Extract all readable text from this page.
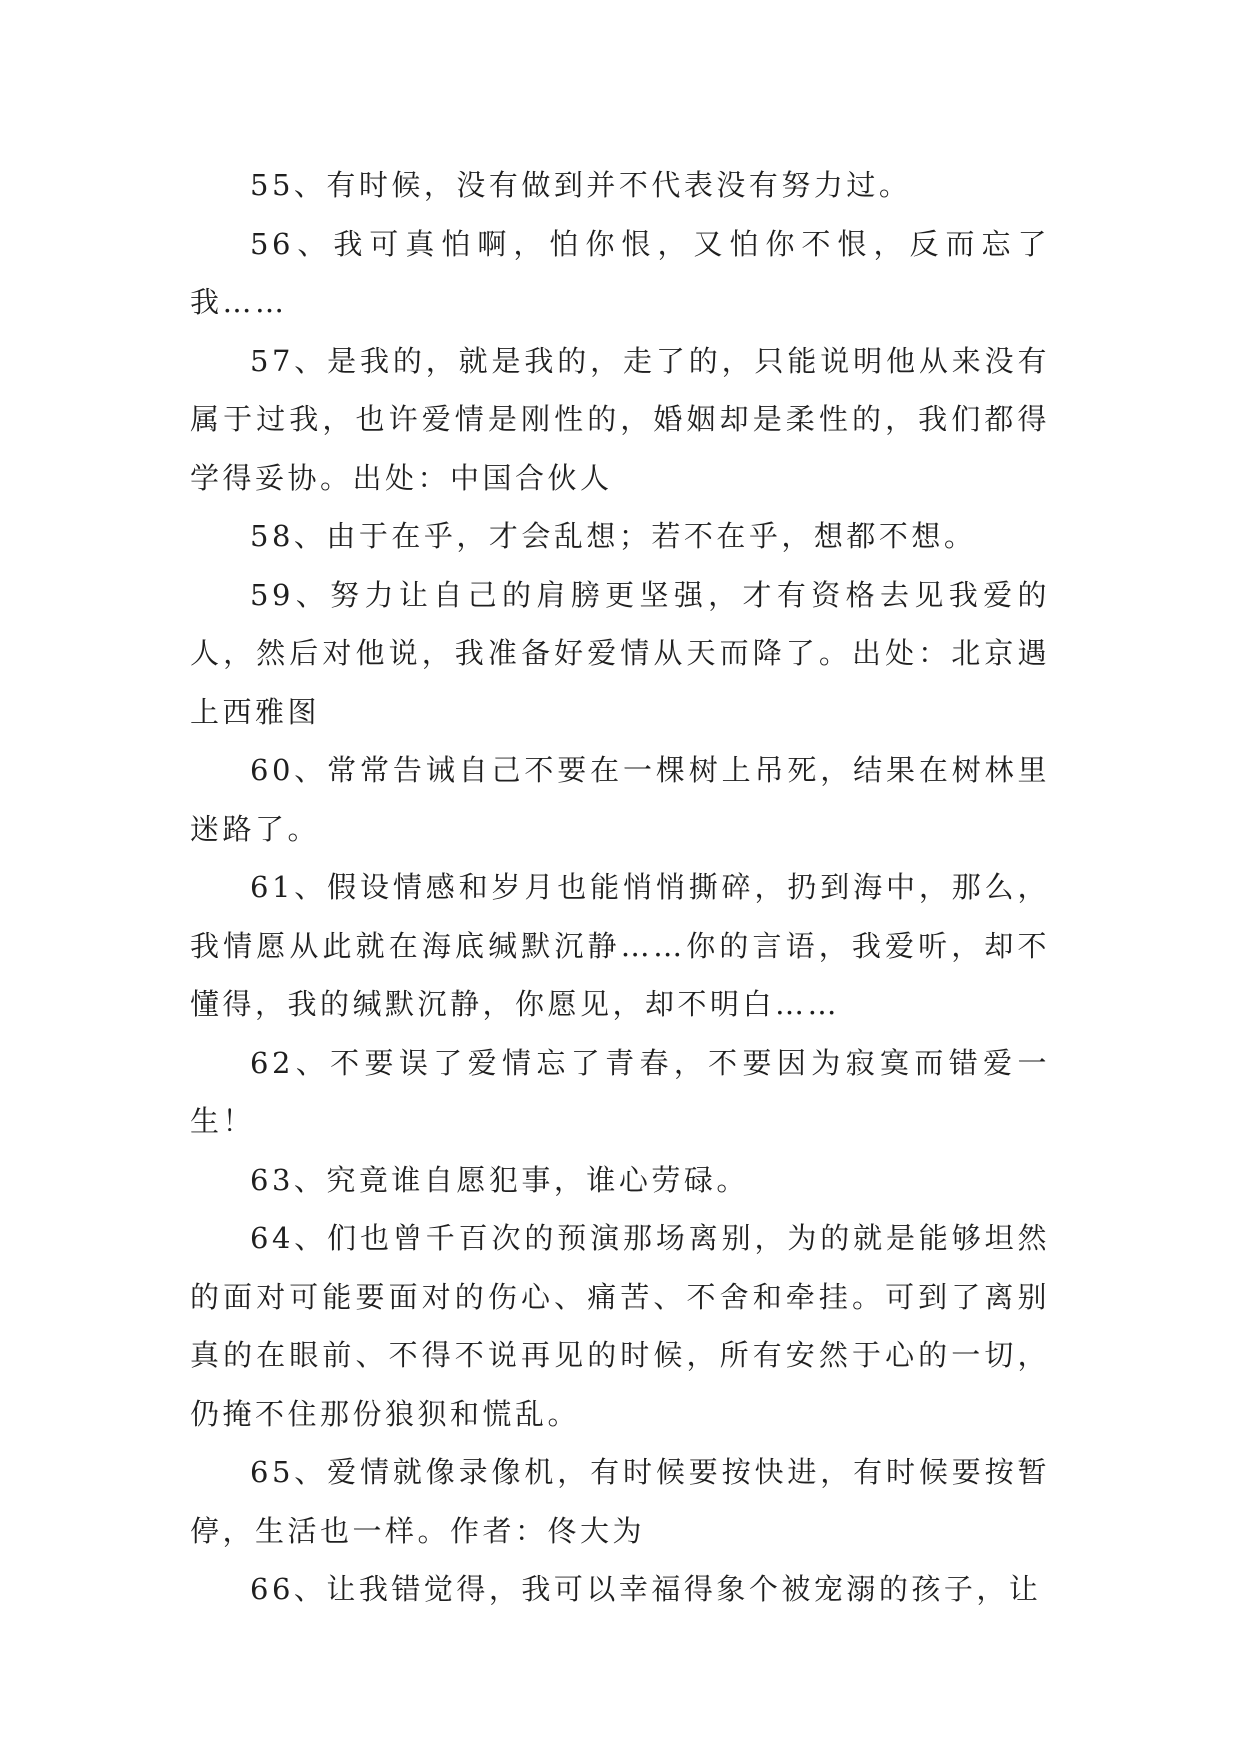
55、有时候，没有做到并不代表没有努力过。

56、我可真怕啊，怕你恨，又怕你不恨，反而忘了我……

57、是我的，就是我的，走了的，只能说明他从来没有属于过我，也许爱情是刚性的，婚姻却是柔性的，我们都得学得妥协。出处：中国合伙人

58、由于在乎，才会乱想；若不在乎，想都不想。

59、努力让自己的肩膀更坚强，才有资格去见我爱的人，然后对他说，我准备好爱情从天而降了。出处：北京遇上西雅图

60、常常告诫自己不要在一棵树上吊死，结果在树林里迷路了。

61、假设情感和岁月也能悄悄撕碎，扔到海中，那么，我情愿从此就在海底缄默沉静……你的言语，我爱听，却不懂得，我的缄默沉静，你愿见，却不明白……

62、不要误了爱情忘了青春，不要因为寂寞而错爱一生！

63、究竟谁自愿犯事，谁心劳碌。

64、们也曾千百次的预演那场离别，为的就是能够坦然的面对可能要面对的伤心、痛苦、不舍和牵挂。可到了离别真的在眼前、不得不说再见的时候，所有安然于心的一切，仍掩不住那份狼狈和慌乱。

65、爱情就像录像机，有时候要按快进，有时候要按暂停，生活也一样。作者：佟大为

66、让我错觉得，我可以幸福得象个被宠溺的孩子，让
